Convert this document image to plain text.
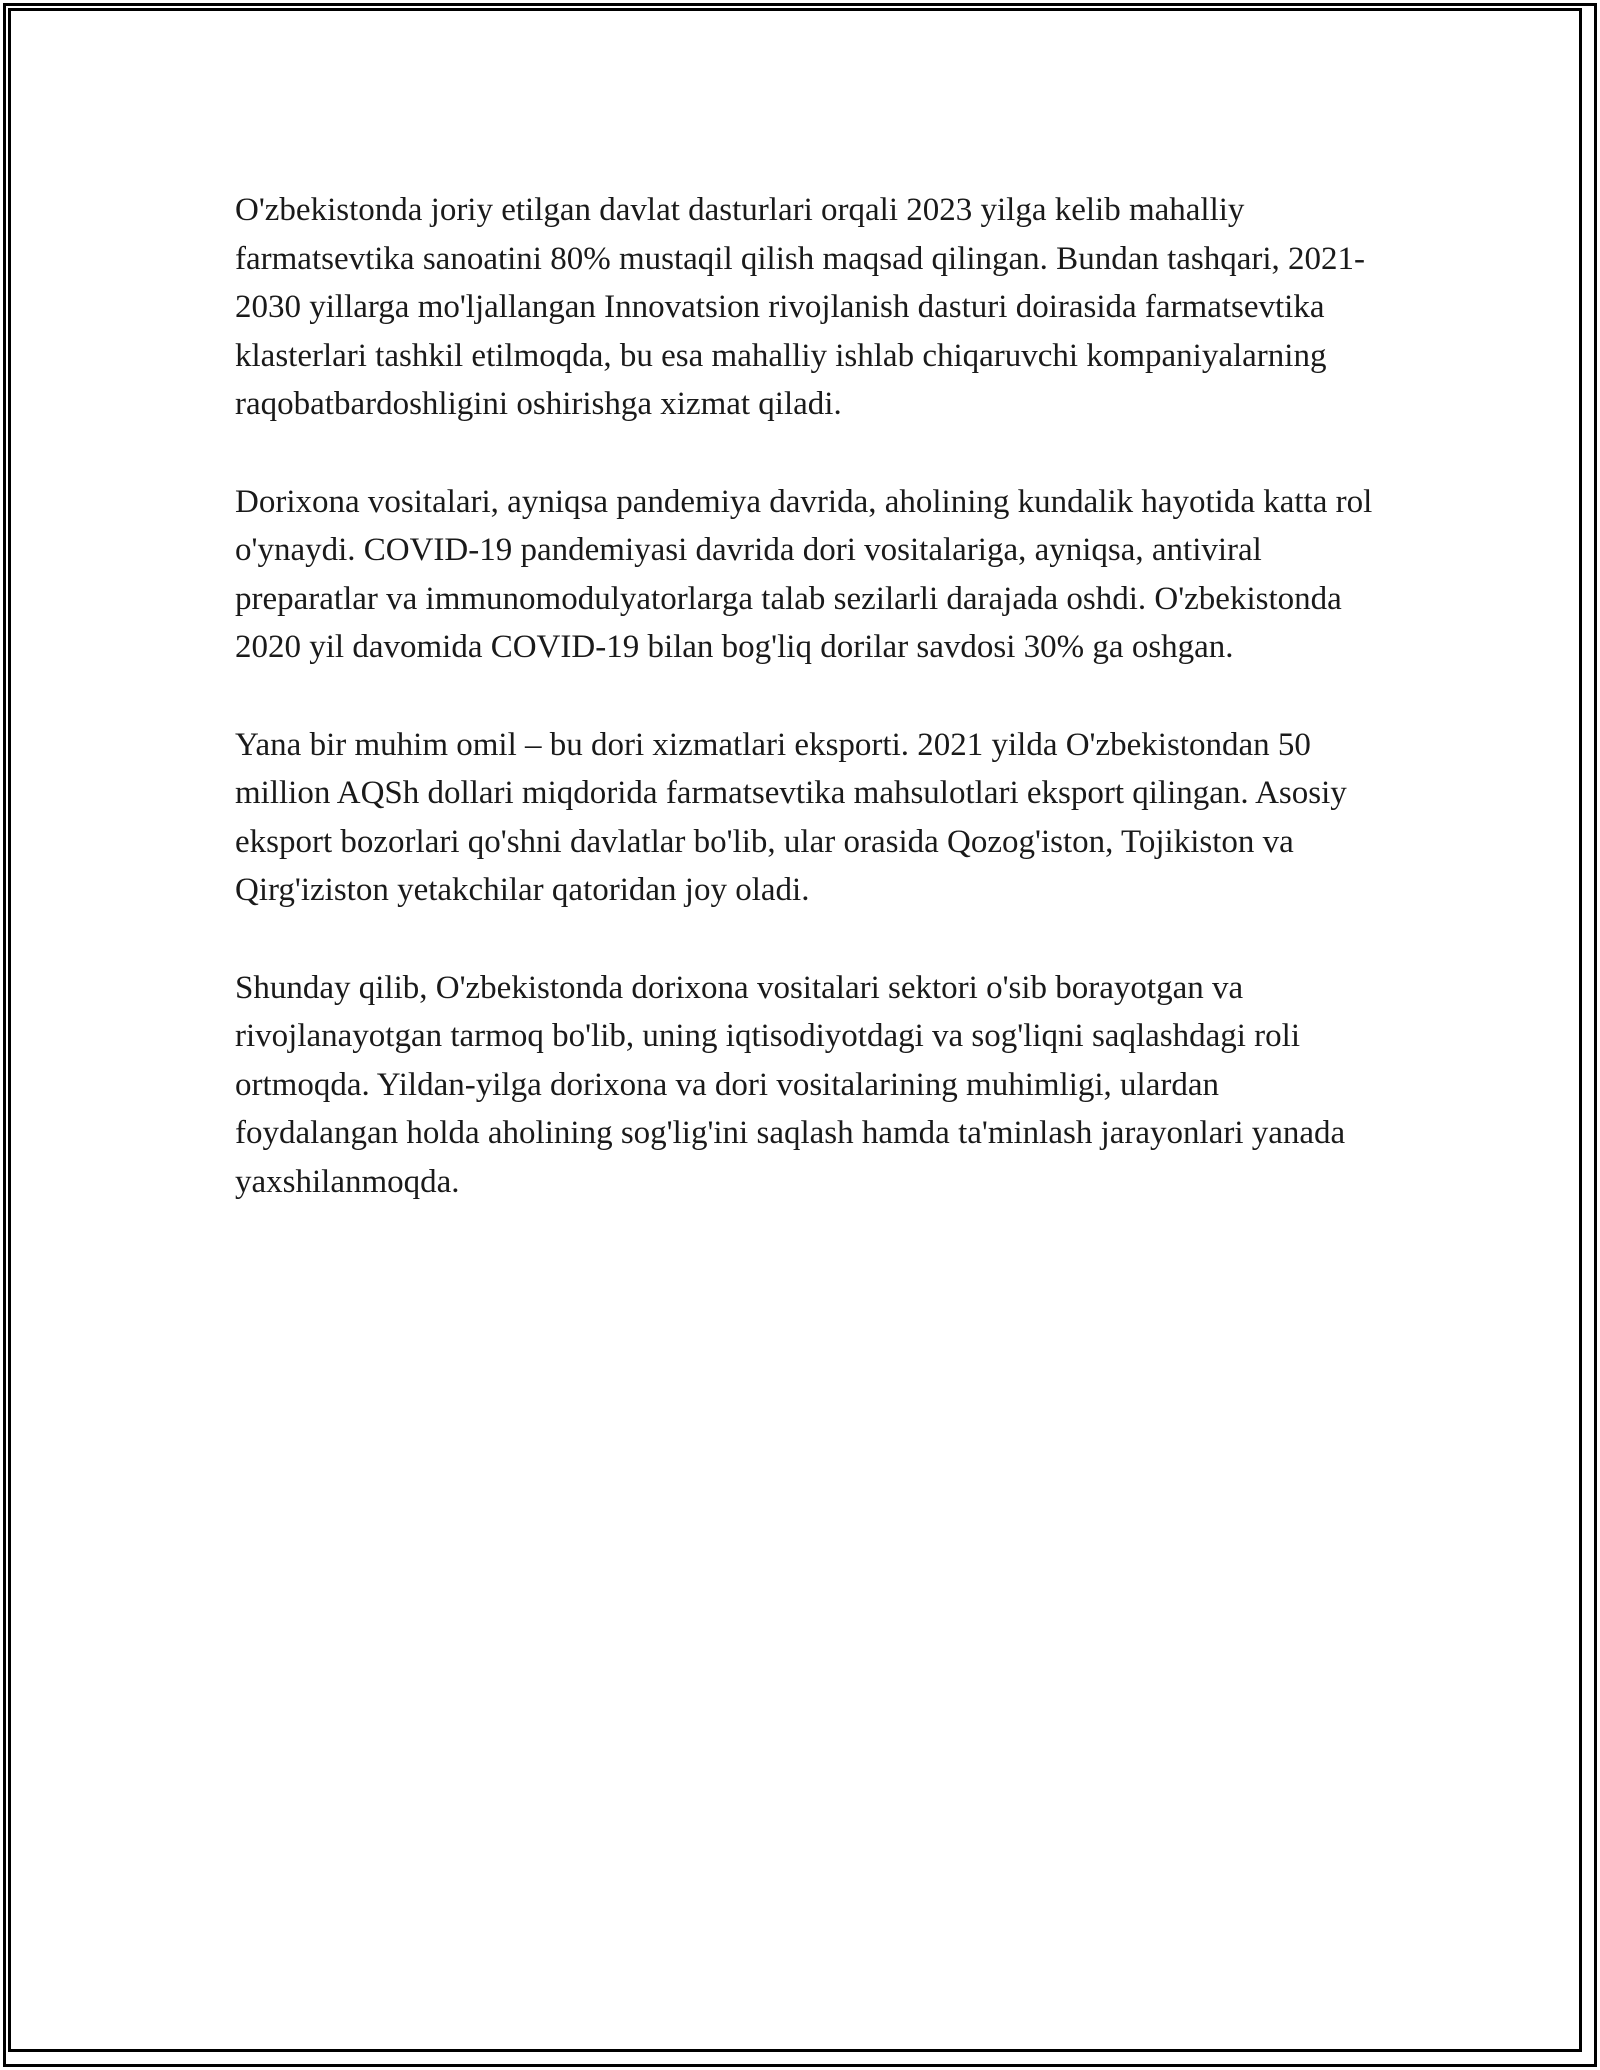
O'zbekistonda joriy etilgan davlat dasturlari orqali 2023 yilga kelib mahalliy farmatsevtika sanoatini 80% mustaqil qilish maqsad qilingan. Bundan tashqari, 2021-2030 yillarga mo'ljallangan Innovatsion rivojlanish dasturi doirasida farmatsevtika klasterlari tashkil etilmoqda, bu esa mahalliy ishlab chiqaruvchi kompaniyalarning raqobatbardoshligini oshirishga xizmat qiladi.

Dorixona vositalari, ayniqsa pandemiya davrida, aholining kundalik hayotida katta rol o'ynaydi. COVID-19 pandemiyasi davrida dori vositalariga, ayniqsa, antiviral preparatlar va immunomodulyatorlarga talab sezilarli darajada oshdi. O'zbekistonda 2020 yil davomida COVID-19 bilan bog'liq dorilar savdosi 30% ga oshgan.

Yana bir muhim omil – bu dori xizmatlari eksporti. 2021 yilda O'zbekistondan 50 million AQSh dollari miqdorida farmatsevtika mahsulotlari eksport qilingan. Asosiy eksport bozorlari qo'shni davlatlar bo'lib, ular orasida Qozog'iston, Tojikiston va Qirg'iziston yetakchilar qatoridan joy oladi.

Shunday qilib, O'zbekistonda dorixona vositalari sektori o'sib borayotgan va rivojlanayotgan tarmoq bo'lib, uning iqtisodiyotdagi va sog'liqni saqlashdagi roli ortmoqda. Yildan-yilga dorixona va dori vositalarining muhimligi, ulardan foydalangan holda aholining sog'lig'ini saqlash hamda ta'minlash jarayonlari yanada yaxshilanmoqda.
